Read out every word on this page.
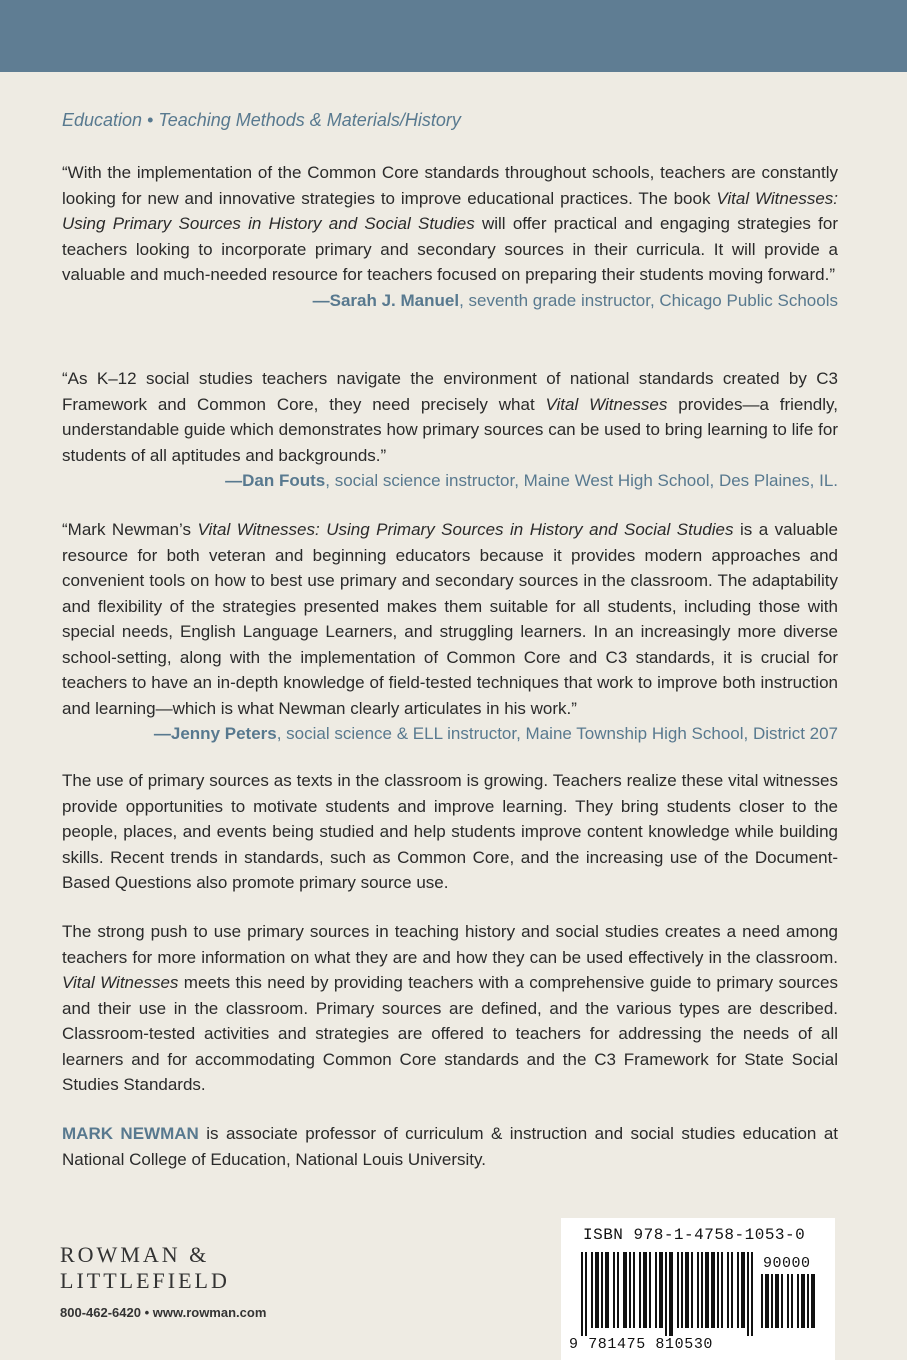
Education • Teaching Methods & Materials/History

“With the implementation of the Common Core standards throughout schools, teachers are constantly looking for new and innovative strategies to improve educational practices. The book Vital Witnesses: Using Primary Sources in History and Social Studies will offer practical and engaging strategies for teachers looking to incorporate primary and secondary sources in their curricula. It will provide a valuable and much-needed resource for teachers focused on preparing their students moving forward.”

—Sarah J. Manuel, seventh grade instructor, Chicago Public Schools

“As K–12 social studies teachers navigate the environment of national standards created by C3 Framework and Common Core, they need precisely what Vital Witnesses provides—a friendly, understandable guide which demonstrates how primary sources can be used to bring learning to life for students of all aptitudes and backgrounds.”

—Dan Fouts, social science instructor, Maine West High School, Des Plaines, IL.

“Mark Newman’s Vital Witnesses: Using Primary Sources in History and Social Studies is a valuable resource for both veteran and beginning educators because it provides modern approaches and convenient tools on how to best use primary and secondary sources in the classroom. The adaptability and flexibility of the strategies presented makes them suitable for all students, including those with special needs, English Language Learners, and struggling learners. In an increasingly more diverse school-setting, along with the implementation of Common Core and C3 standards, it is crucial for teachers to have an in-depth knowledge of field-tested techniques that work to improve both instruction and learning—which is what Newman clearly articulates in his work.”

—Jenny Peters, social science & ELL instructor, Maine Township High School, District 207

The use of primary sources as texts in the classroom is growing. Teachers realize these vital witnesses provide opportunities to motivate students and improve learning. They bring students closer to the people, places, and events being studied and help students improve content knowledge while building skills. Recent trends in standards, such as Common Core, and the increasing use of the Document-Based Questions also promote primary source use.

The strong push to use primary sources in teaching history and social studies creates a need among teachers for more information on what they are and how they can be used effectively in the classroom. Vital Witnesses meets this need by providing teachers with a comprehensive guide to primary sources and their use in the classroom. Primary sources are defined, and the various types are described. Classroom-tested activities and strategies are offered to teachers for addressing the needs of all learners and for accommodating Common Core standards and the C3 Framework for State Social Studies Standards.

MARK NEWMAN is associate professor of curriculum & instruction and social studies education at National College of Education, National Louis University.

ROWMAN &
LITTLEFIELD
800-462-6420 • www.rowman.com
ISBN 978-1-4758-1053-0
90000
9 781475 810530
